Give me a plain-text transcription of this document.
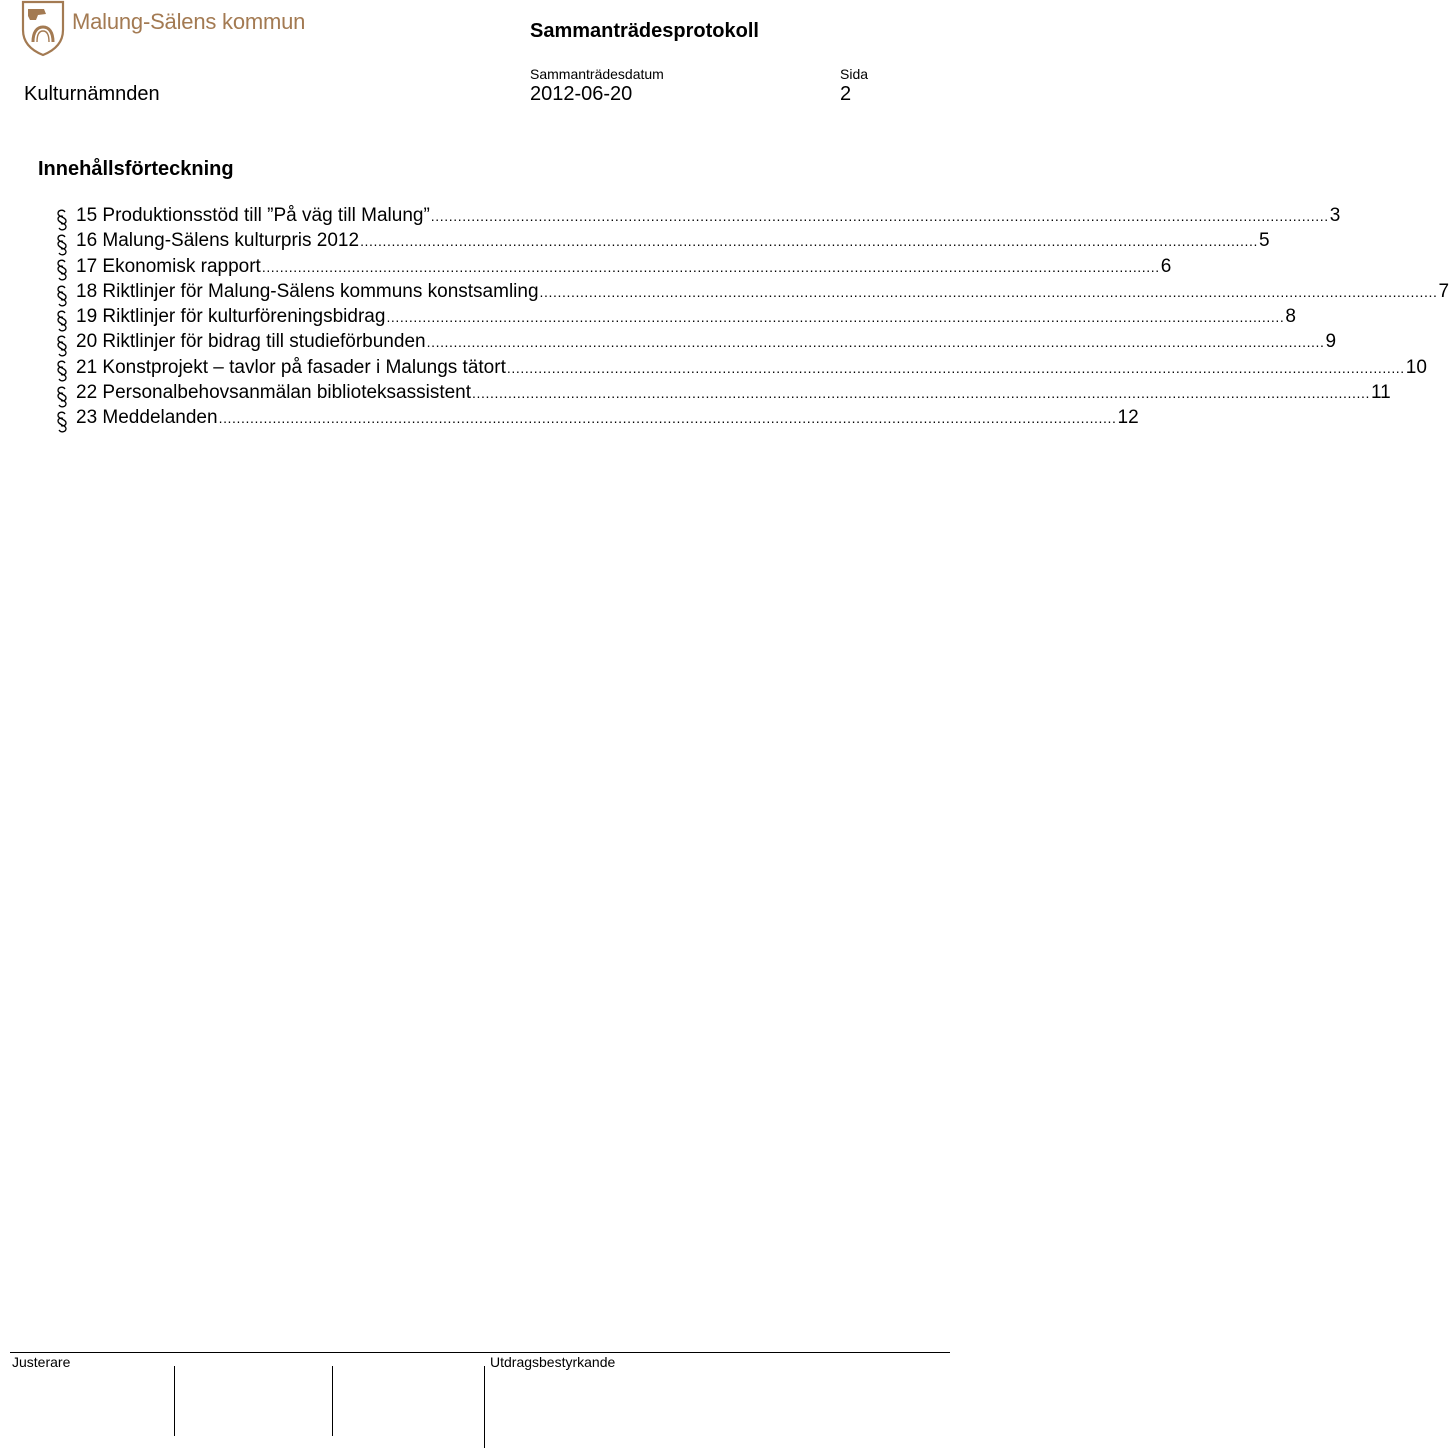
Malung-Sälens kommun	Sammanträdesprotokoll
Sammanträdesdatum	Sida
Kulturnämnden	2012-06-20	2
Innehållsförteckning
15 Produktionsstöd till ”På väg till Malung” ........................................................................................................................................................................................................ 3
16 Malung-Sälens kulturpris 2012 ........................................................................................................................................................................................................ 5
17 Ekonomisk rapport ........................................................................................................................................................................................................ 6
18 Riktlinjer för Malung-Sälens kommuns konstsamling ........................................................................................................................................................................................................ 7
19 Riktlinjer för kulturföreningsbidrag ........................................................................................................................................................................................................ 8
20 Riktlinjer för bidrag till studieförbunden ........................................................................................................................................................................................................ 9
21 Konstprojekt – tavlor på fasader i Malungs tätort ........................................................................................................................................................................................................ 10
22 Personalbehovsanmälan biblioteksassistent ........................................................................................................................................................................................................ 11
23 Meddelanden ........................................................................................................................................................................................................ 12
Justerare	Utdragsbestyrkande
